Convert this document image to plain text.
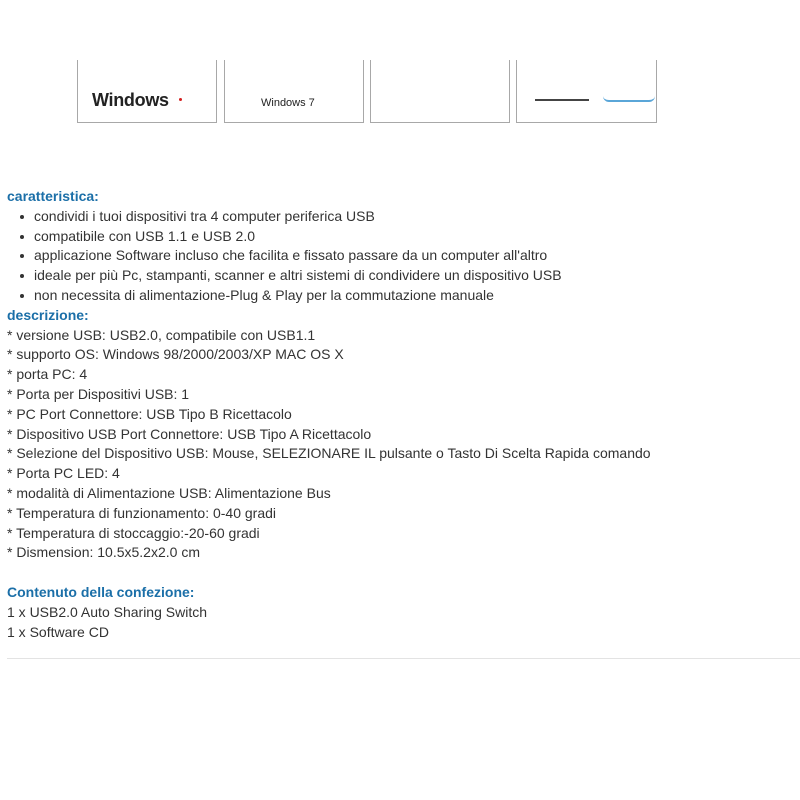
Windows	Windows 7
caratteristica:
condividi i tuoi dispositivi tra 4 computer periferica USB
compatibile con USB 1.1 e USB 2.0
applicazione Software incluso che facilita e fissato passare da un computer all'altro
ideale per più Pc, stampanti, scanner e altri sistemi di condividere un dispositivo USB
non necessita di alimentazione-Plug & Play per la commutazione manuale
descrizione:
* versione USB: USB2.0, compatibile con USB1.1
* supporto OS: Windows 98/2000/2003/XP MAC OS X
* porta PC: 4
* Porta per Dispositivi USB: 1
* PC Port Connettore: USB Tipo B Ricettacolo
* Dispositivo USB Port Connettore: USB Tipo A Ricettacolo
* Selezione del Dispositivo USB: Mouse, SELEZIONARE IL pulsante o Tasto Di Scelta Rapida comando
* Porta PC LED: 4
* modalità di Alimentazione USB: Alimentazione Bus
* Temperatura di funzionamento: 0-40 gradi
* Temperatura di stoccaggio:-20-60 gradi
* Dismension: 10.5x5.2x2.0 cm
Contenuto della confezione:
1 x USB2.0 Auto Sharing Switch
1 x Software CD
